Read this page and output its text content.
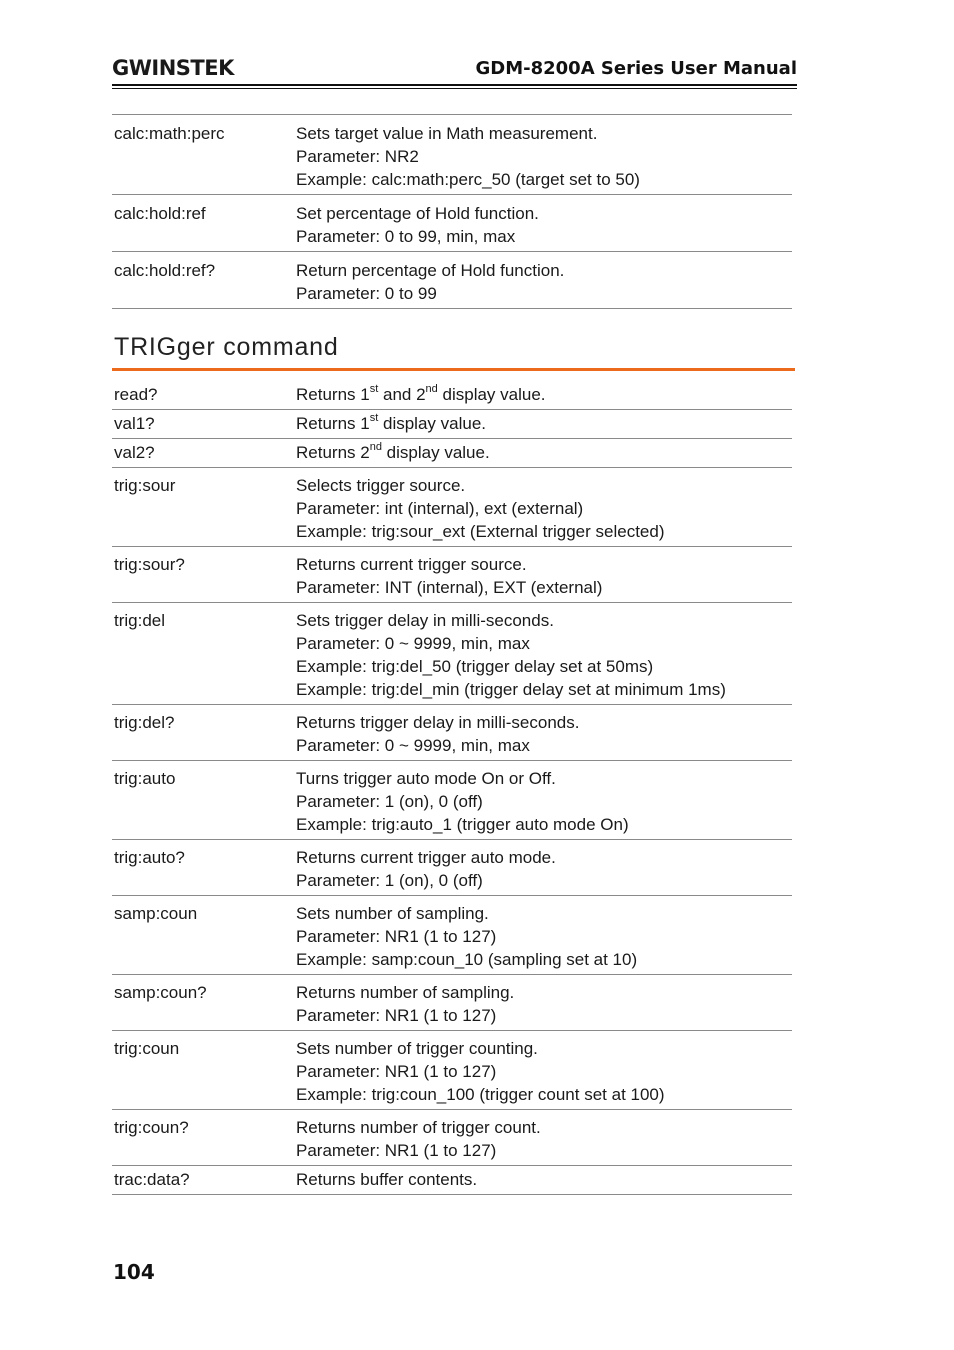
GWINSTEK	GDM-8200A Series User Manual
calc:math:perc	Sets target value in Math measurement.
Parameter: NR2
Example: calc:math:perc_50 (target set to 50)
calc:hold:ref	Set percentage of Hold function.
Parameter: 0 to 99, min, max
calc:hold:ref?	Return percentage of Hold function.
Parameter: 0 to 99
TRIGger command
read?	Returns 1st and 2nd display value.
val1?	Returns 1st display value.
val2?	Returns 2nd display value.
trig:sour	Selects trigger source.
Parameter: int (internal), ext (external)
Example: trig:sour_ext (External trigger selected)
trig:sour?	Returns current trigger source.
Parameter: INT (internal), EXT (external)
trig:del	Sets trigger delay in milli-seconds.
Parameter: 0 ~ 9999, min, max
Example: trig:del_50 (trigger delay set at 50ms)
Example: trig:del_min (trigger delay set at minimum 1ms)
trig:del?	Returns trigger delay in milli-seconds.
Parameter: 0 ~ 9999, min, max
trig:auto	Turns trigger auto mode On or Off.
Parameter: 1 (on), 0 (off)
Example: trig:auto_1 (trigger auto mode On)
trig:auto?	Returns current trigger auto mode.
Parameter: 1 (on), 0 (off)
samp:coun	Sets number of sampling.
Parameter: NR1 (1 to 127)
Example: samp:coun_10 (sampling set at 10)
samp:coun?	Returns number of sampling.
Parameter: NR1 (1 to 127)
trig:coun	Sets number of trigger counting.
Parameter: NR1 (1 to 127)
Example: trig:coun_100 (trigger count set at 100)
trig:coun?	Returns number of trigger count.
Parameter: NR1 (1 to 127)
trac:data?	Returns buffer contents.
104
